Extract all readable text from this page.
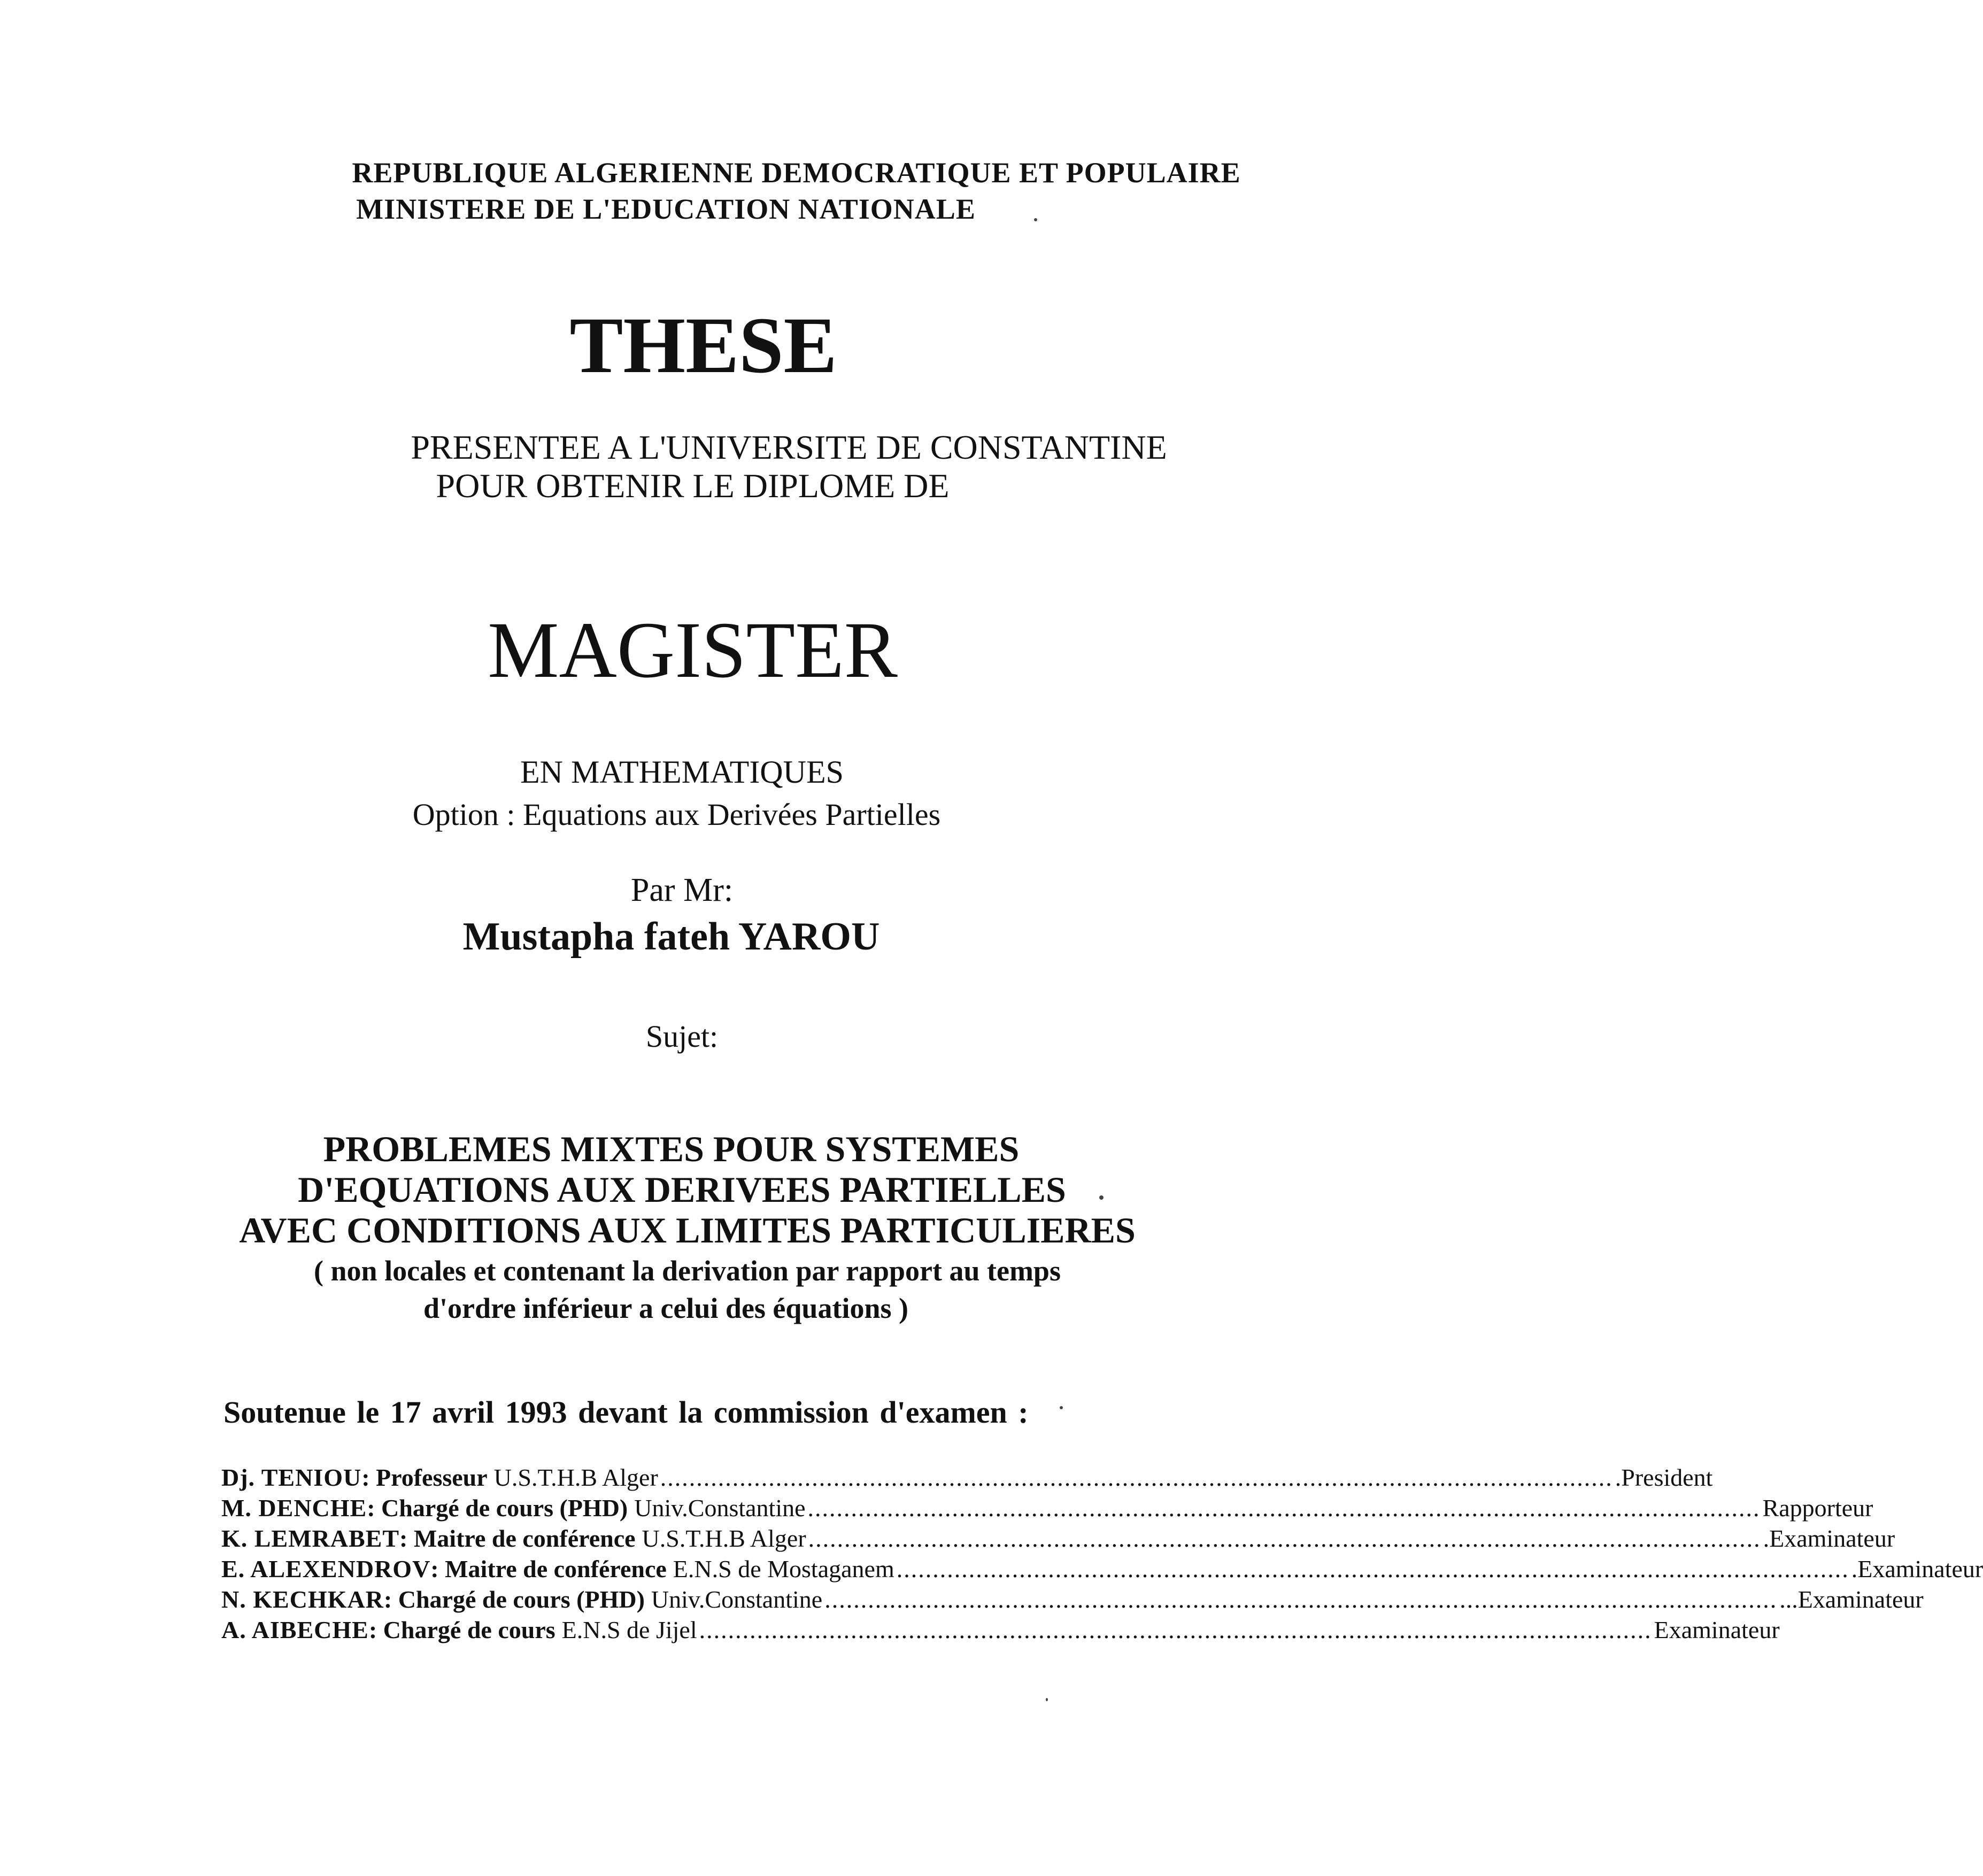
REPUBLIQUE ALGERIENNE DEMOCRATIQUE ET POPULAIRE
MINISTERE DE L'EDUCATION NATIONALE
THESE
PRESENTEE A L'UNIVERSITE DE CONSTANTINE
POUR OBTENIR LE DIPLOME DE
MAGISTER
EN MATHEMATIQUES
Option : Equations aux Derivées Partielles
Par Mr:
Mustapha fateh YAROU
Sujet:
PROBLEMES MIXTES POUR SYSTEMES
D'EQUATIONS AUX DERIVEES PARTIELLES
AVEC CONDITIONS AUX LIMITES PARTICULIERES
( non locales et contenant la derivation par rapport au temps
d'ordre inférieur a celui des équations )
Soutenue le 17 avril 1993 devant la commission d'examen :
Dj. TENIOU : Professeur U.S.T.H.B Alger .....	.President
M. DENCHE : Chargé de cours (PHD) Univ.Constantine .....	Rapporteur
K. LEMRABET : Maitre de conférence U.S.T.H.B Alger .....	.Examinateur
E. ALEXENDROV : Maitre de conférence E.N.S de Mostaganem .....	.Examinateur
N. KECHKAR : Chargé de cours (PHD) Univ.Constantine .....	...Examinateur
A. AIBECHE : Chargé de cours E.N.S de Jijel .....	Examinateur
